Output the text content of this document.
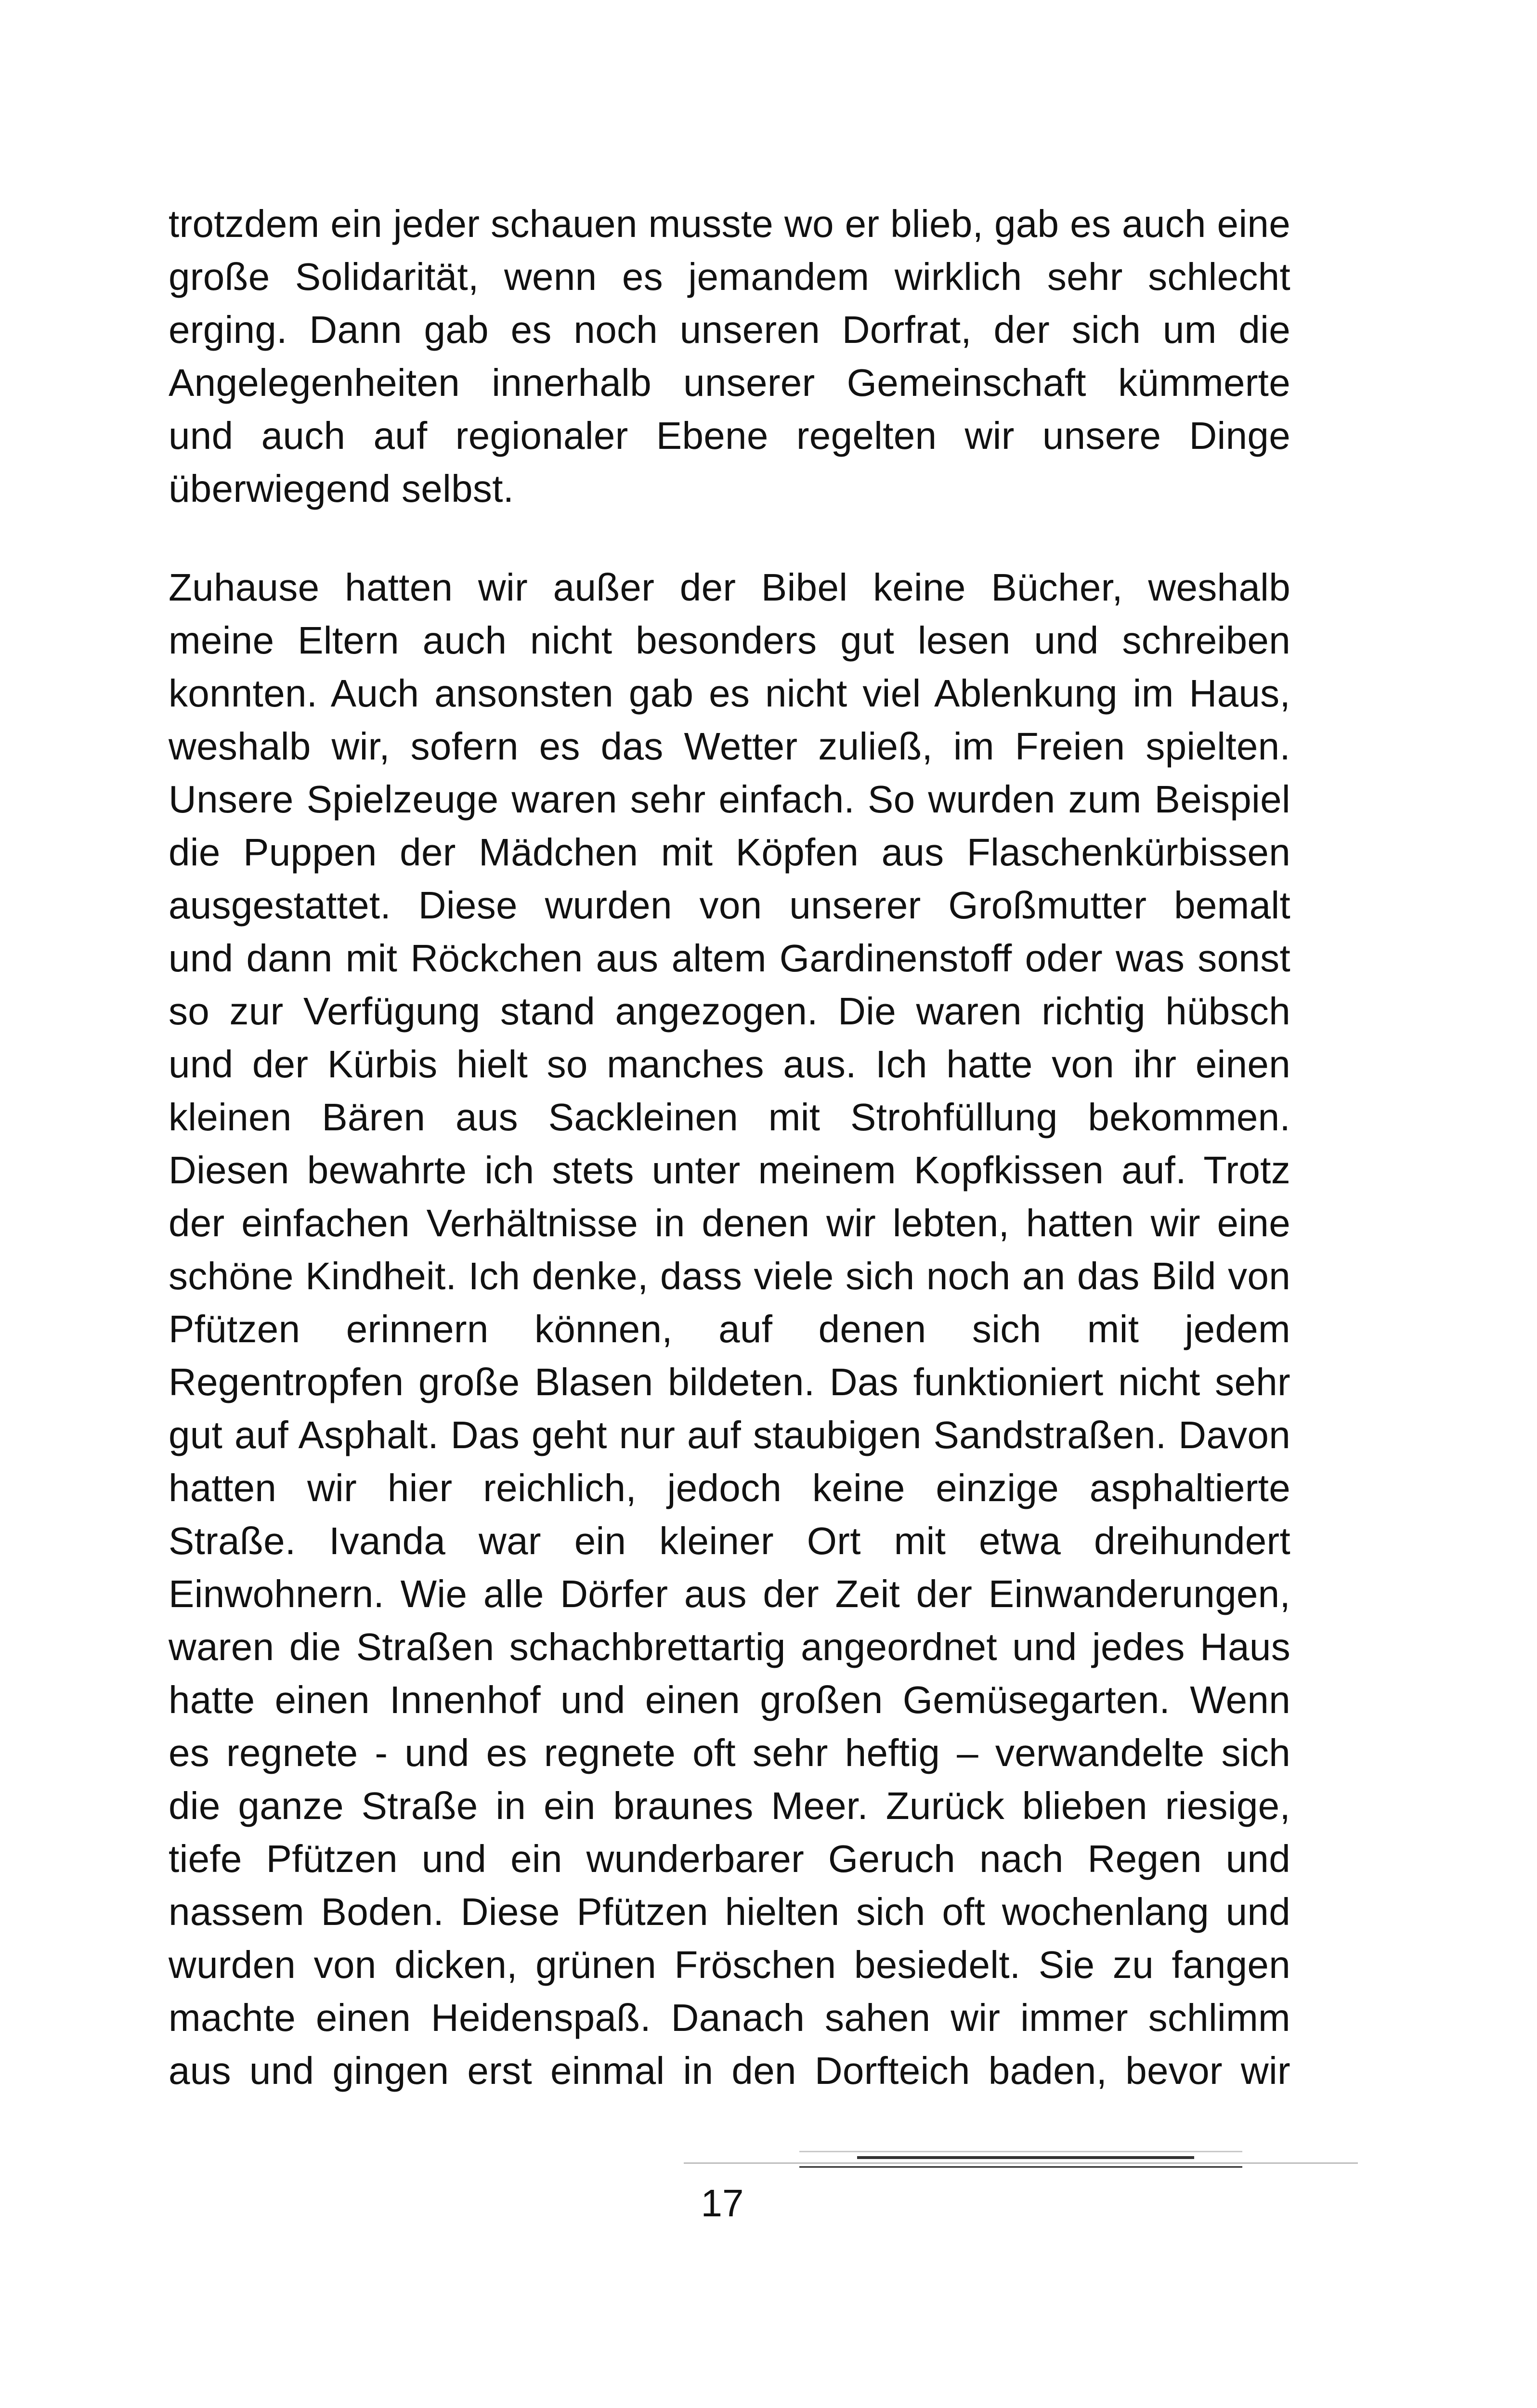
trotzdem ein jeder schauen musste wo er blieb, gab es auch eine
große Solidarität, wenn es jemandem wirklich sehr schlecht
erging. Dann gab es noch unseren Dorfrat, der sich um die
Angelegenheiten innerhalb unserer Gemeinschaft kümmerte
und auch auf regionaler Ebene regelten wir unsere Dinge
überwiegend selbst.
Zuhause hatten wir außer der Bibel keine Bücher, weshalb
meine Eltern auch nicht besonders gut lesen und schreiben
konnten. Auch ansonsten gab es nicht viel Ablenkung im Haus,
weshalb wir, sofern es das Wetter zuließ, im Freien spielten.
Unsere Spielzeuge waren sehr einfach. So wurden zum Beispiel
die Puppen der Mädchen mit Köpfen aus Flaschenkürbissen
ausgestattet. Diese wurden von unserer Großmutter bemalt
und dann mit Röckchen aus altem Gardinenstoff oder was sonst
so zur Verfügung stand angezogen. Die waren richtig hübsch
und der Kürbis hielt so manches aus. Ich hatte von ihr einen
kleinen Bären aus Sackleinen mit Strohfüllung bekommen.
Diesen bewahrte ich stets unter meinem Kopfkissen auf. Trotz
der einfachen Verhältnisse in denen wir lebten, hatten wir eine
schöne Kindheit. Ich denke, dass viele sich noch an das Bild von
Pfützen erinnern können, auf denen sich mit jedem
Regentropfen große Blasen bildeten. Das funktioniert nicht sehr
gut auf Asphalt. Das geht nur auf staubigen Sandstraßen. Davon
hatten wir hier reichlich, jedoch keine einzige asphaltierte
Straße. Ivanda war ein kleiner Ort mit etwa dreihundert
Einwohnern. Wie alle Dörfer aus der Zeit der Einwanderungen,
waren die Straßen schachbrettartig angeordnet und jedes Haus
hatte einen Innenhof und einen großen Gemüsegarten. Wenn
es regnete - und es regnete oft sehr heftig – verwandelte sich
die ganze Straße in ein braunes Meer. Zurück blieben riesige,
tiefe Pfützen und ein wunderbarer Geruch nach Regen und
nassem Boden. Diese Pfützen hielten sich oft wochenlang und
wurden von dicken, grünen Fröschen besiedelt. Sie zu fangen
machte einen Heidenspaß. Danach sahen wir immer schlimm
aus und gingen erst einmal in den Dorfteich baden, bevor wir
17
